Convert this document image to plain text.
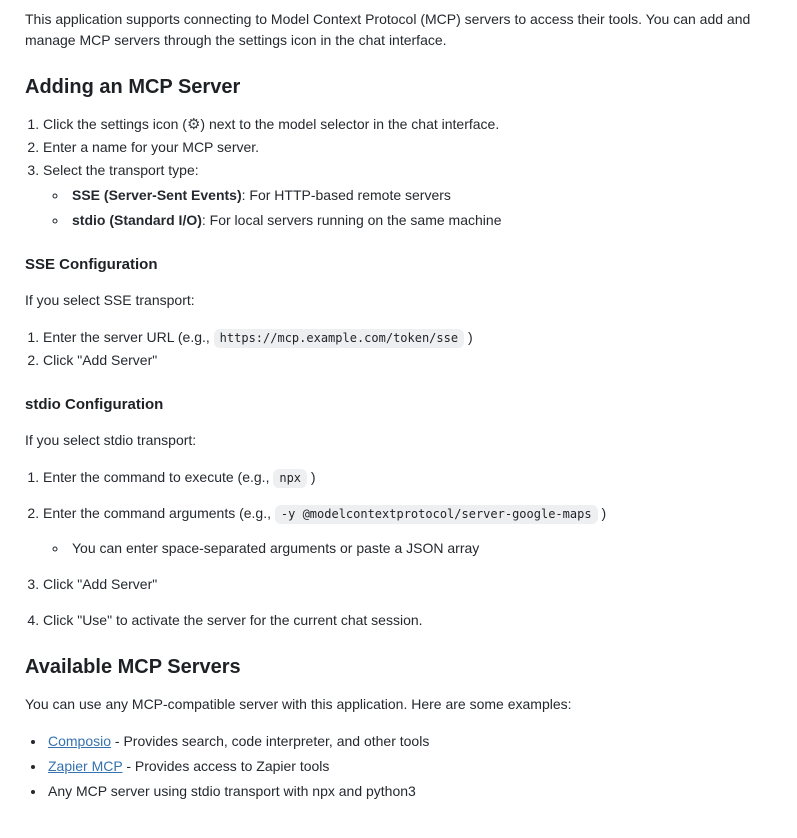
This application supports connecting to Model Context Protocol (MCP) servers to access their tools. You can add and manage MCP servers through the settings icon in the chat interface.

Adding an MCP Server
1. Click the settings icon (⚙) next to the model selector in the chat interface.
2. Enter a name for your MCP server.
3. Select the transport type:
◦ SSE (Server-Sent Events): For HTTP-based remote servers
◦ stdio (Standard I/O): For local servers running on the same machine
SSE Configuration

If you select SSE transport:

1. Enter the server URL (e.g., https://mcp.example.com/token/sse )
2. Click "Add Server"
stdio Configuration

If you select stdio transport:

1. Enter the command to execute (e.g., npx )
2. Enter the command arguments (e.g., -y @modelcontextprotocol/server-google-maps )
◦ You can enter space-separated arguments or paste a JSON array
3. Click "Add Server"
4. Click "Use" to activate the server for the current chat session.
Available MCP Servers

You can use any MCP-compatible server with this application. Here are some examples:

• Composio - Provides search, code interpreter, and other tools
• Zapier MCP - Provides access to Zapier tools
• Any MCP server using stdio transport with npx and python3
